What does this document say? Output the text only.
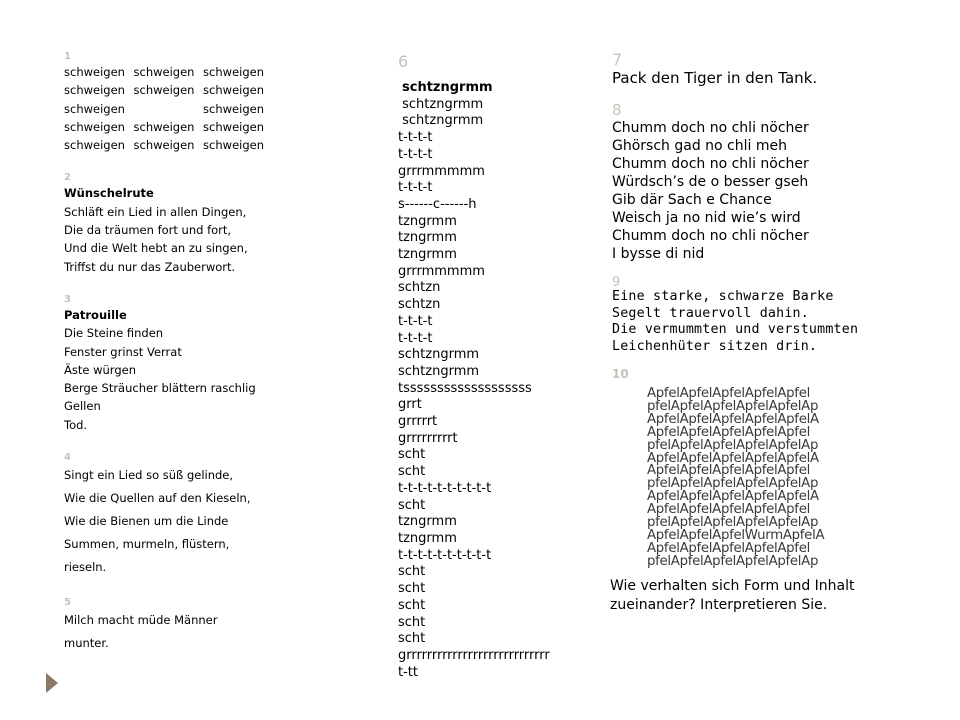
1
schweigen schweigen schweigen
schweigen schweigen schweigen
schweigen schweigen
schweigen schweigen schweigen
schweigen schweigen schweigen
2
Wünschelrute
Schläft ein Lied in allen Dingen,
Die da träumen fort und fort,
Und die Welt hebt an zu singen,
Triffst du nur das Zauberwort.
3
Patrouille
Die Steine finden
Fenster grinst Verrat
Äste würgen
Berge Sträucher blättern raschlig
Gellen
Tod.
4
Singt ein Lied so süß gelinde,
Wie die Quellen auf den Kieseln,
Wie die Bienen um die Linde
Summen, murmeln, flüstern, rieseln.
5
Milch macht müde Männer munter.
6
schtzngrmm
schtzngrmm
schtzngrmm
t-t-t-t
t-t-t-t
grrrmmmmm
t-t-t-t
s------c------h
tzngrmm
tzngrmm
tzngrmm
grrrmmmmm
schtzn
schtzn
t-t-t-t
t-t-t-t
schtzngrmm
schtzngrmm
tsssssssssssssssssss
grrt
grrrrrt
grrrrrrrrrt
scht
scht
t-t-t-t-t-t-t-t-t-t
scht
tzngrmm
tzngrmm
t-t-t-t-t-t-t-t-t-t
scht
scht
scht
scht
scht
grrrrrrrrrrrrrrrrrrrrrrrrrrrr
t-tt
7
Pack den Tiger in den Tank.
8
Chumm doch no chli nöcher
Ghörsch gad no chli meh
Chumm doch no chli nöcher
Würdsch’s de o besser gseh
Gib där Sach e Chance
Weisch ja no nid wie’s wird
Chumm doch no chli nöcher
I bysse di nid
9
Eine starke, schwarze Barke
Segelt trauervoll dahin.
Die vermummten und verstummten
Leichenhüter sitzen drin.
10
ApfelApfelApfelApfelApfel
pfelApfelApfelApfelApfelAp
ApfelApfelApfelApfelApfelA
ApfelApfelApfelApfelApfel
pfelApfelApfelApfelApfelAp
ApfelApfelApfelApfelApfelA
ApfelApfelApfelApfelApfel
pfelApfelApfelApfelApfelAp
ApfelApfelApfelApfelApfelA
ApfelApfelApfelApfelApfel
pfelApfelApfelApfelApfelAp
ApfelApfelApfelWurmApfelA
ApfelApfelApfelApfelApfel
pfelApfelApfelApfelApfelAp
Wie verhalten sich Form und Inhalt zueinander? Interpretieren Sie.
